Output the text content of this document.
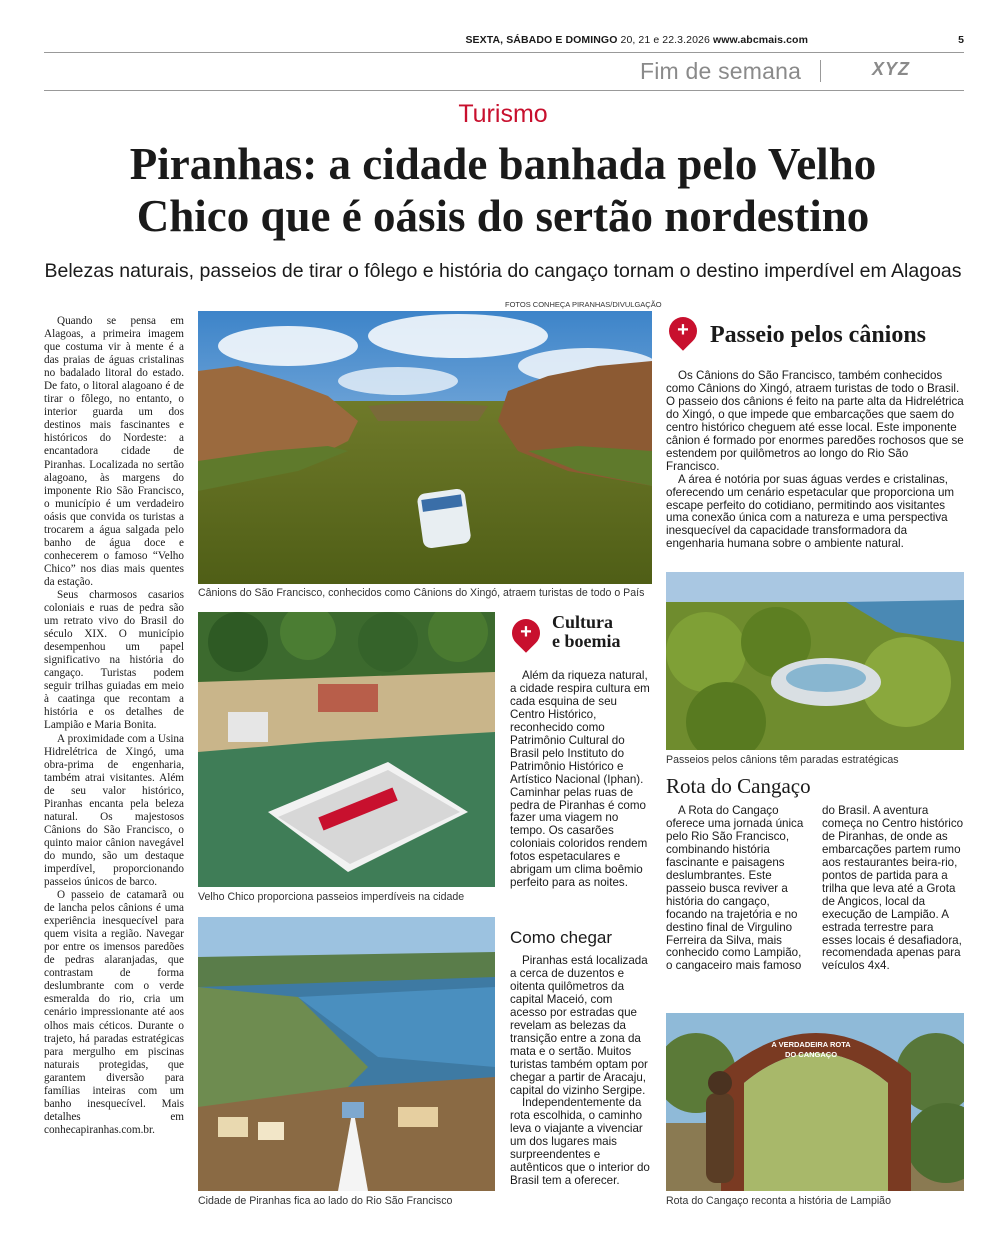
SEXTA, SÁBADO E DOMINGO 20, 21 e 22.3.2026 www.abcmais.com	5
Fim de semana	XYZ
Turismo
Piranhas: a cidade banhada pelo Velho
Chico que é oásis do sertão nordestino
Belezas naturais, passeios de tirar o fôlego e história do cangaço tornam o destino imperdível em Alagoas
FOTOS CONHEÇA PIRANHAS/DIVULGAÇÃO

Quando se pensa em Alagoas, a primeira imagem que costuma vir à mente é a das praias de águas cristalinas no badalado litoral do estado. De fato, o litoral alagoano é de tirar o fôlego, no entanto, o interior guarda um dos destinos mais fascinantes e históricos do Nordeste: a encantadora cidade de Piranhas. Localizada no sertão alagoano, às margens do imponente Rio São Francisco, o município é um verdadeiro oásis que convida os turistas a trocarem a água salgada pelo banho de água doce e conhecerem o famoso “Velho Chico” nos dias mais quentes da estação.

Seus charmosos casarios coloniais e ruas de pedra são um retrato vivo do Brasil do século XIX. O município desempenhou um papel significativo na história do cangaço. Turistas podem seguir trilhas guiadas em meio à caatinga que recontam a história e os detalhes de Lampião e Maria Bonita.

A proximidade com a Usina Hidrelétrica de Xingó, uma obra-prima de engenharia, também atrai visitantes. Além de seu valor histórico, Piranhas encanta pela beleza natural. Os majestosos Cânions do São Francisco, o quinto maior cânion navegável do mundo, são um destaque imperdível, proporcionando passeios únicos de barco.

O passeio de catamarã ou de lancha pelos cânions é uma experiência inesquecível para quem visita a região. Navegar por entre os imensos paredões de pedras alaranjadas, que contrastam de forma deslumbrante com o verde esmeralda do rio, cria um cenário impressionante até aos olhos mais céticos. Durante o trajeto, há paradas estratégicas para mergulho em piscinas naturais protegidas, que garantem diversão para famílias inteiras com um banho inesquecível. Mais detalhes em conhecapiranhas.com.br.

Cânions do São Francisco, conhecidos como Cânions do Xingó, atraem turistas de todo o País
Velho Chico proporciona passeios imperdíveis na cidade
Cidade de Piranhas fica ao lado do Rio São Francisco
+	Cultura
e boemia

Além da riqueza natural, a cidade respira cultura em cada esquina de seu Centro Histórico, reconhecido como Patrimônio Cultural do Brasil pelo Instituto do Patrimônio Histórico e Artístico Nacional (Iphan). Caminhar pelas ruas de pedra de Piranhas é como fazer uma viagem no tempo. Os casarões coloniais coloridos rendem fotos espetaculares e abrigam um clima boêmio perfeito para as noites.

Como chegar

Piranhas está localizada a cerca de duzentos e oitenta quilômetros da capital Maceió, com acesso por estradas que revelam as belezas da transição entre a zona da mata e o sertão. Muitos turistas também optam por chegar a partir de Aracaju, capital do vizinho Sergipe.

Independentemente da rota escolhida, o caminho leva o viajante a vivenciar um dos lugares mais surpreendentes e autênticos que o interior do Brasil tem a oferecer.

+ Passeio pelos cânions

Os Cânions do São Francisco, também conhecidos como Cânions do Xingó, atraem turistas de todo o Brasil. O passeio dos cânions é feito na parte alta da Hidrelétrica do Xingó, o que impede que embarcações que saem do centro histórico cheguem até esse local. Este imponente cânion é formado por enormes paredões rochosos que se estendem por quilômetros ao longo do Rio São Francisco.

A área é notória por suas águas verdes e cristalinas, oferecendo um cenário espetacular que proporciona um escape perfeito do cotidiano, permitindo aos visitantes uma conexão única com a natureza e uma perspectiva inesquecível da capacidade transformadora da engenharia humana sobre o ambiente natural.

Passeios pelos cânions têm paradas estratégicas
Rota do Cangaço

A Rota do Cangaço oferece uma jornada única pelo Rio São Francisco, combinando história fascinante e paisagens deslumbrantes. Este passeio busca reviver a história do cangaço, focando na trajetória e no destino final de Virgulino Ferreira da Silva, mais conhecido como Lampião, o cangaceiro mais famoso

do Brasil. A aventura começa no Centro histórico de Piranhas, de onde as embarcações partem rumo aos restaurantes beira-rio, pontos de partida para a trilha que leva até a Grota de Angicos, local da execução de Lampião. A estrada terrestre para esses locais é desafiadora, recomendada apenas para veículos 4x4.

A VERDADEIRA ROTA
DO CANGAÇO
Rota do Cangaço reconta a história de Lampião
